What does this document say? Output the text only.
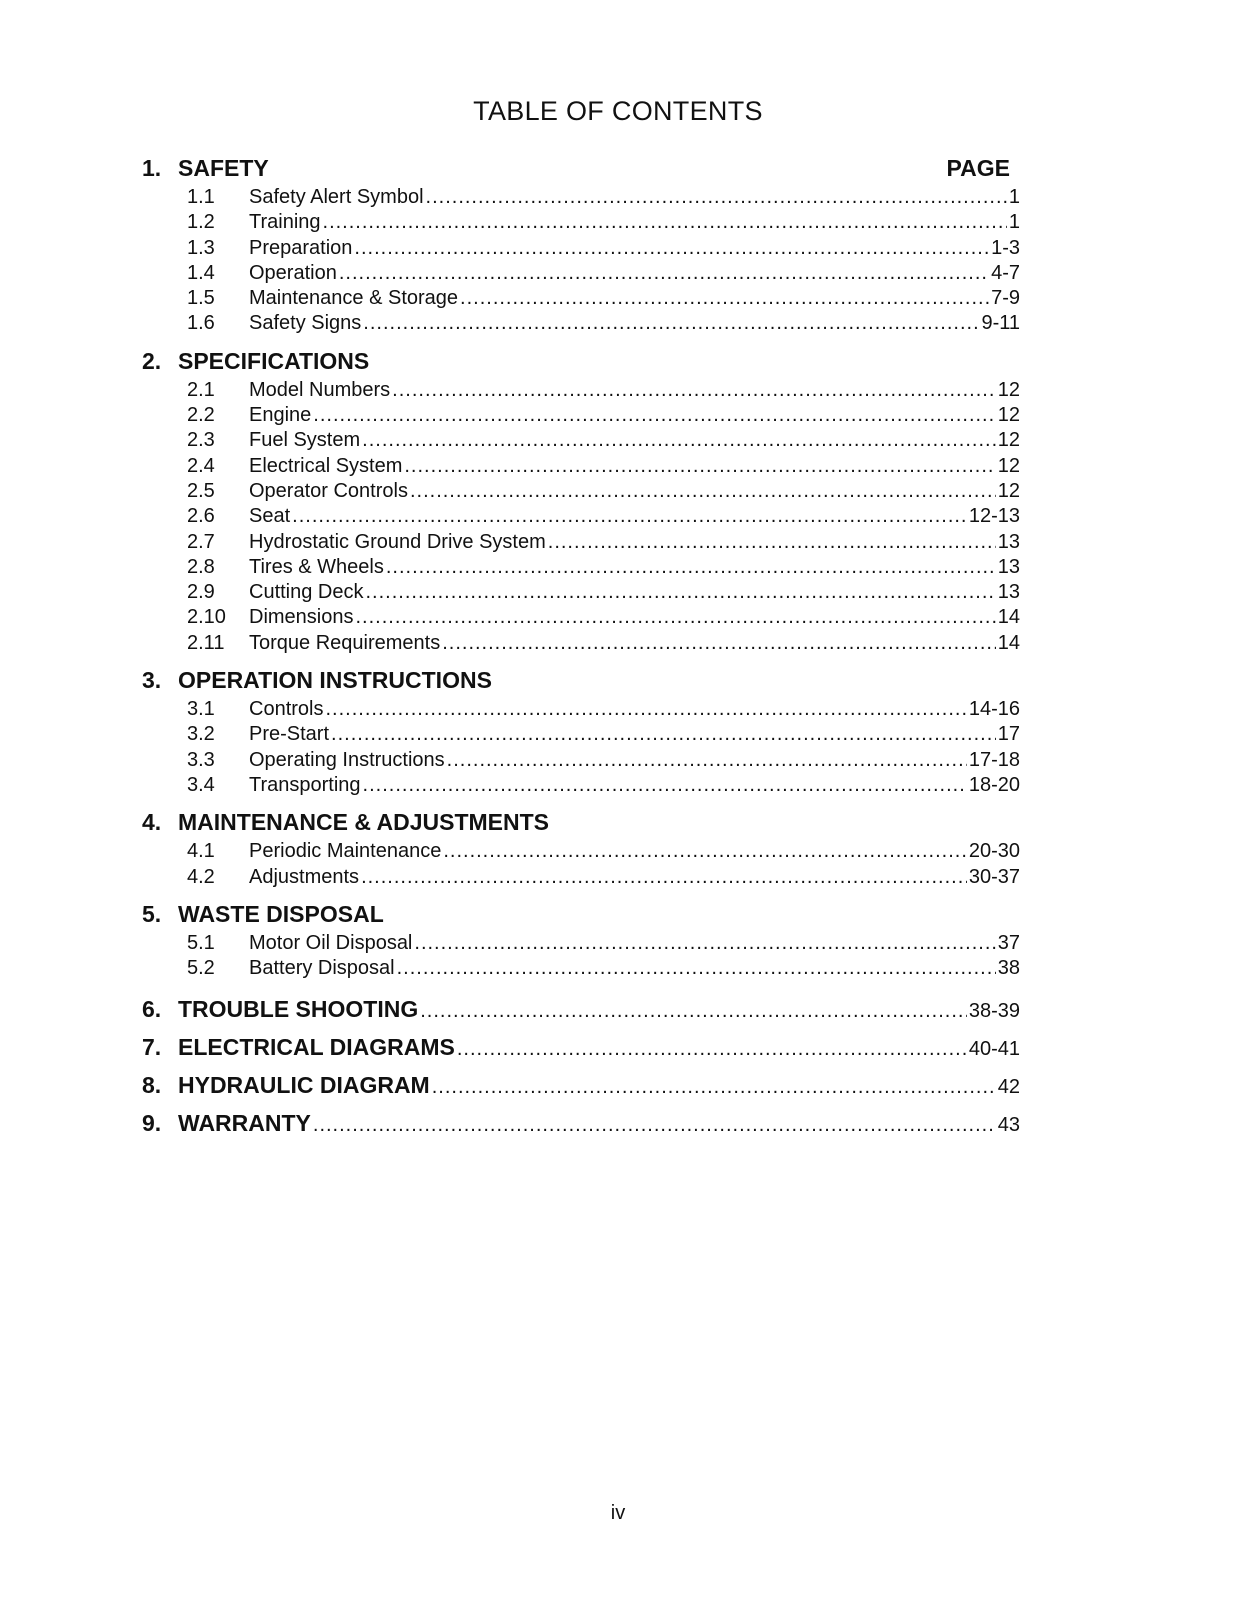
TABLE OF CONTENTS
1. SAFETY	PAGE
1.1	Safety Alert Symbol .....	1
1.2	Training .....	1
1.3	Preparation .....	1-3
1.4	Operation .....	4-7
1.5	Maintenance & Storage .....	7-9
1.6	Safety Signs .....	9-11
2. SPECIFICATIONS
2.1	Model Numbers .....	12
2.2	Engine .....	12
2.3	Fuel System .....	12
2.4	Electrical System .....	12
2.5	Operator Controls .....	12
2.6	Seat .....	12-13
2.7	Hydrostatic Ground Drive System .....	13
2.8	Tires & Wheels .....	13
2.9	Cutting Deck .....	13
2.10	Dimensions .....	14
2.11	Torque Requirements .....	14
3. OPERATION INSTRUCTIONS
3.1	Controls .....	14-16
3.2	Pre-Start .....	17
3.3	Operating Instructions .....	17-18
3.4	Transporting .....	18-20
4. MAINTENANCE & ADJUSTMENTS
4.1	Periodic Maintenance .....	20-30
4.2	Adjustments .....	30-37
5. WASTE DISPOSAL
5.1	Motor Oil Disposal .....	37
5.2	Battery Disposal .....	38
6. TROUBLE SHOOTING .....	38-39
7. ELECTRICAL DIAGRAMS .....	40-41
8. HYDRAULIC DIAGRAM .....	42
9. WARRANTY .....	43
iv
